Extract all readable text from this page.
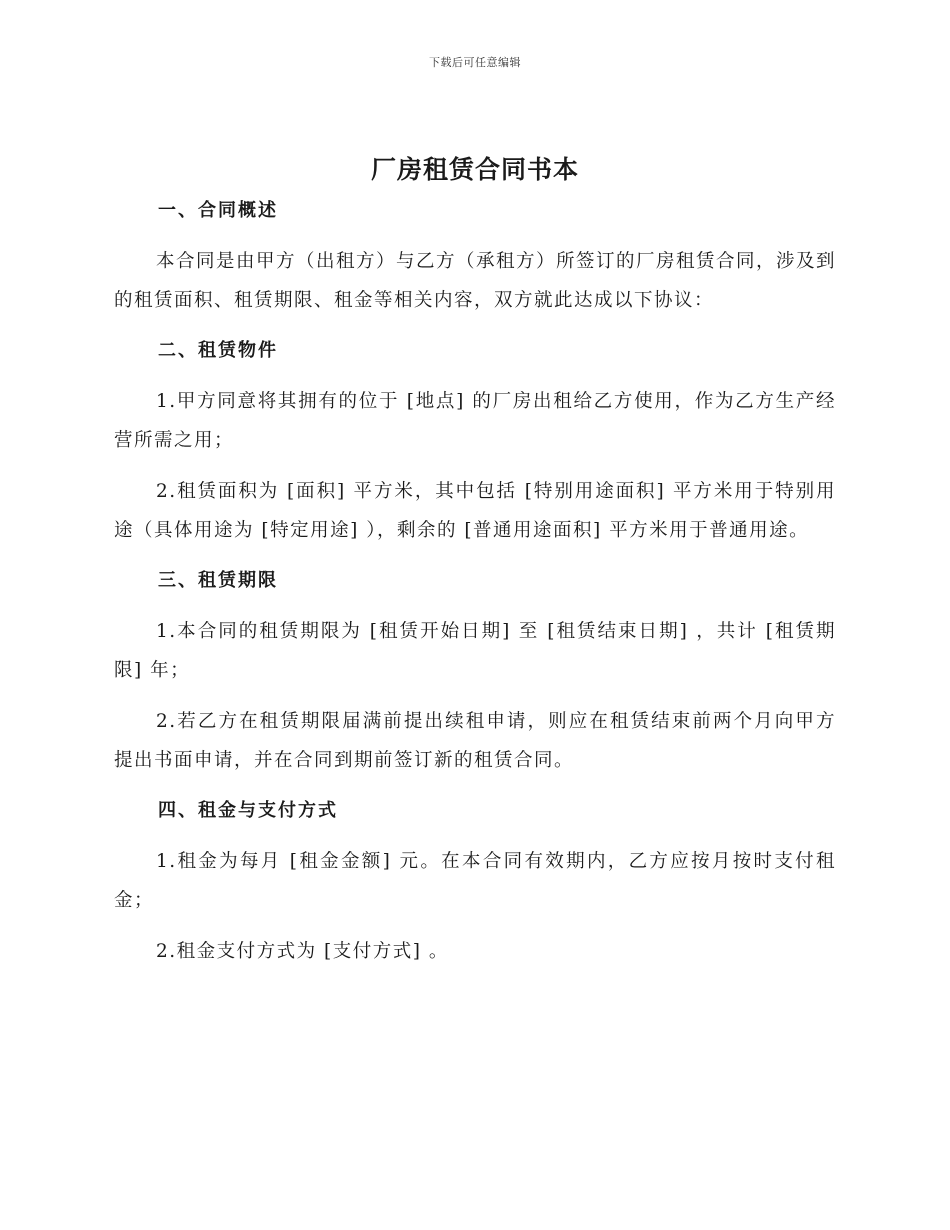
下载后可任意编辑
厂房租赁合同书本
一、合同概述

本合同是由甲方（出租方）与乙方（承租方）所签订的厂房租赁合同，涉及到的租赁面积、租赁期限、租金等相关内容，双方就此达成以下协议：

二、租赁物件

1.甲方同意将其拥有的位于 [地点] 的厂房出租给乙方使用，作为乙方生产经营所需之用；

2.租赁面积为 [面积] 平方米，其中包括 [特别用途面积] 平方米用于特别用途（具体用途为 [特定用途] ），剩余的 [普通用途面积] 平方米用于普通用途。

三、租赁期限

1.本合同的租赁期限为 [租赁开始日期] 至 [租赁结束日期] ，共计 [租赁期限] 年；

2.若乙方在租赁期限届满前提出续租申请，则应在租赁结束前两个月向甲方提出书面申请，并在合同到期前签订新的租赁合同。

四、租金与支付方式

1.租金为每月 [租金金额] 元。在本合同有效期内，乙方应按月按时支付租金；

2.租金支付方式为 [支付方式] 。
